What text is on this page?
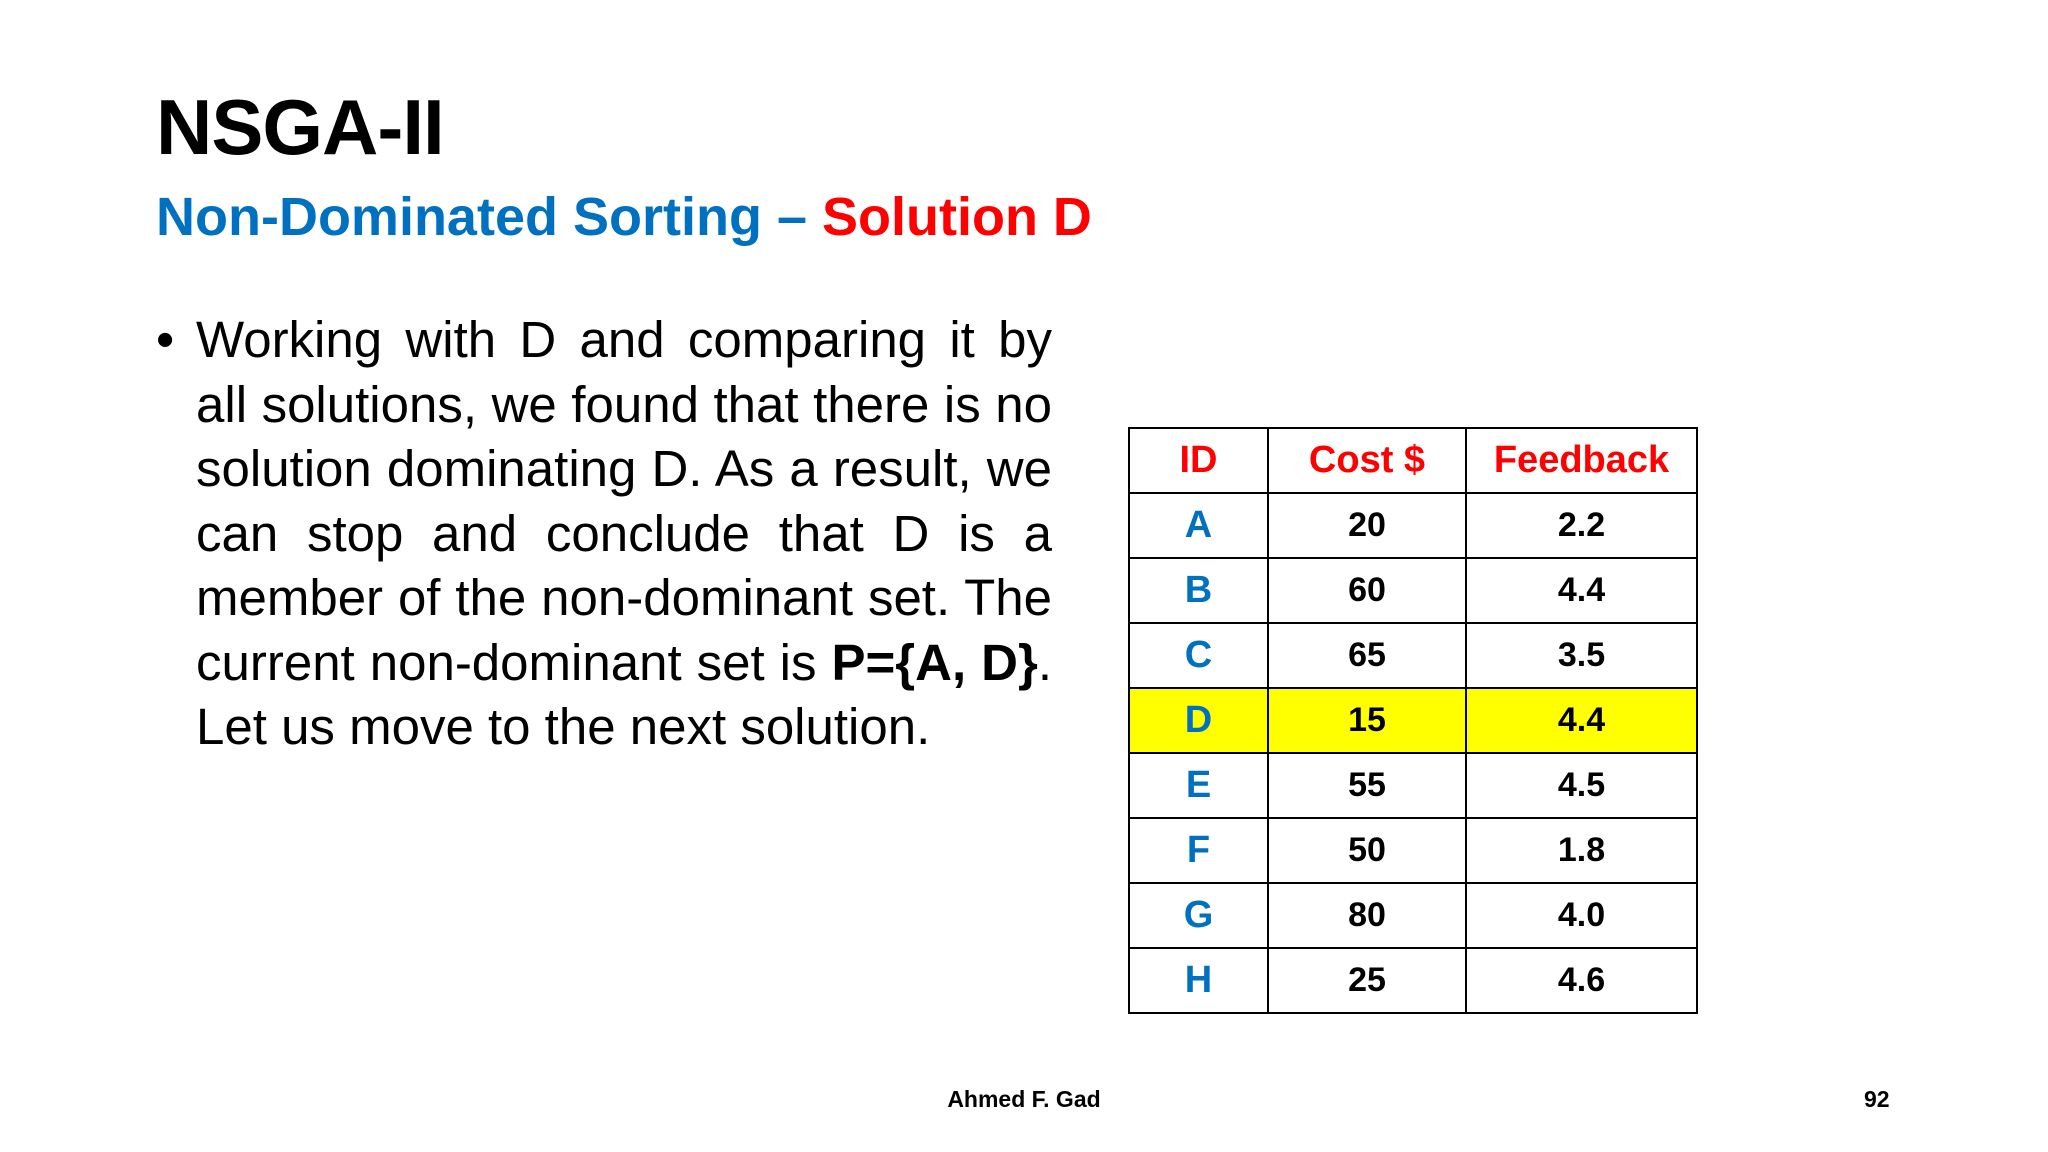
NSGA-II
Non-Dominated Sorting – Solution D
• Working with D and comparing it by all solutions, we found that there is no solution dominating D. As a result, we can stop and conclude that D is a member of the non-dominant set. The current non-dominant set is P={A, D}. Let us move to the next solution.
ID	Cost $	Feedback
A	20	2.2
B	60	4.4
C	65	3.5
D	15	4.4
E	55	4.5
F	50	1.8
G	80	4.0
H	25	4.6
Ahmed F. Gad	92
